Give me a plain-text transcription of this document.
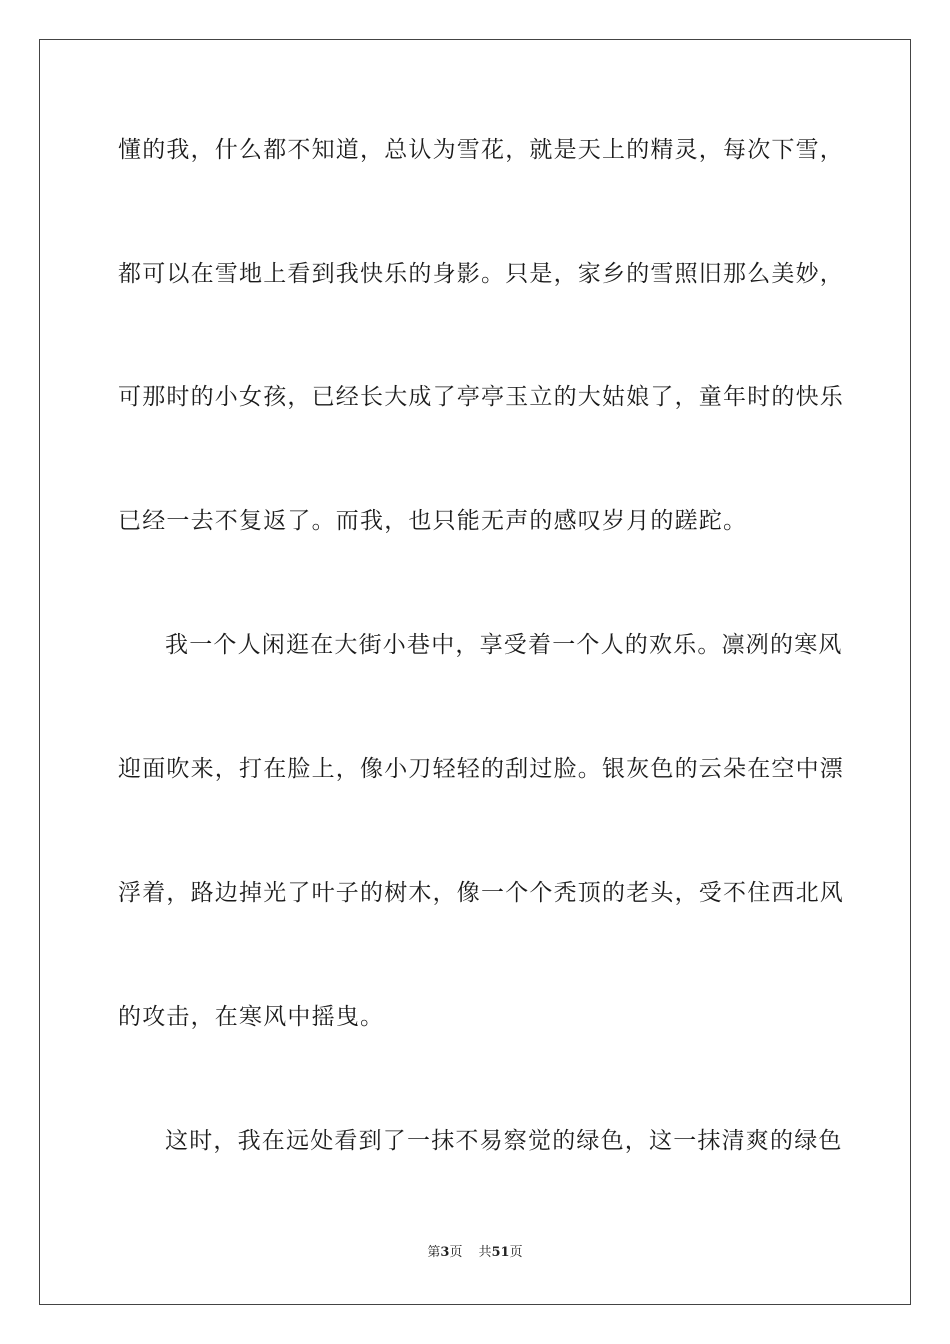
懂的我，什么都不知道，总认为雪花，就是天上的精灵，每次下雪，
都可以在雪地上看到我快乐的身影。只是，家乡的雪照旧那么美妙，
可那时的小女孩，已经长大成了亭亭玉立的大姑娘了，童年时的快乐
已经一去不复返了。而我，也只能无声的感叹岁月的蹉跎。
我一个人闲逛在大街小巷中，享受着一个人的欢乐。凛冽的寒风
迎面吹来，打在脸上，像小刀轻轻的刮过脸。银灰色的云朵在空中漂
浮着，路边掉光了叶子的树木，像一个个秃顶的老头，受不住西北风
的攻击，在寒风中摇曳。
这时，我在远处看到了一抹不易察觉的绿色，这一抹清爽的绿色
第3页 共51页
